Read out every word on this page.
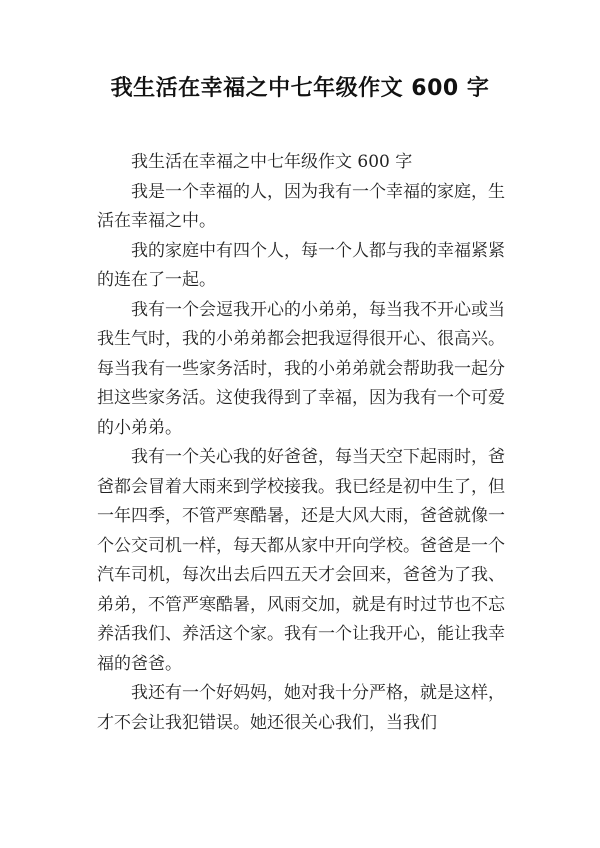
我生活在幸福之中七年级作文 600 字

我生活在幸福之中七年级作文 600 字

我是一个幸福的人，因为我有一个幸福的家庭，生活在幸福之中。

我的家庭中有四个人，每一个人都与我的幸福紧紧的连在了一起。

我有一个会逗我开心的小弟弟，每当我不开心或当我生气时，我的小弟弟都会把我逗得很开心、很高兴。每当我有一些家务活时，我的小弟弟就会帮助我一起分担这些家务活。这使我得到了幸福，因为我有一个可爱的小弟弟。

我有一个关心我的好爸爸，每当天空下起雨时，爸爸都会冒着大雨来到学校接我。我已经是初中生了，但一年四季，不管严寒酷暑，还是大风大雨，爸爸就像一个公交司机一样，每天都从家中开向学校。爸爸是一个汽车司机，每次出去后四五天才会回来，爸爸为了我、弟弟，不管严寒酷暑，风雨交加，就是有时过节也不忘养活我们、养活这个家。我有一个让我开心，能让我幸福的爸爸。

我还有一个好妈妈，她对我十分严格，就是这样，才不会让我犯错误。她还很关心我们，当我们
